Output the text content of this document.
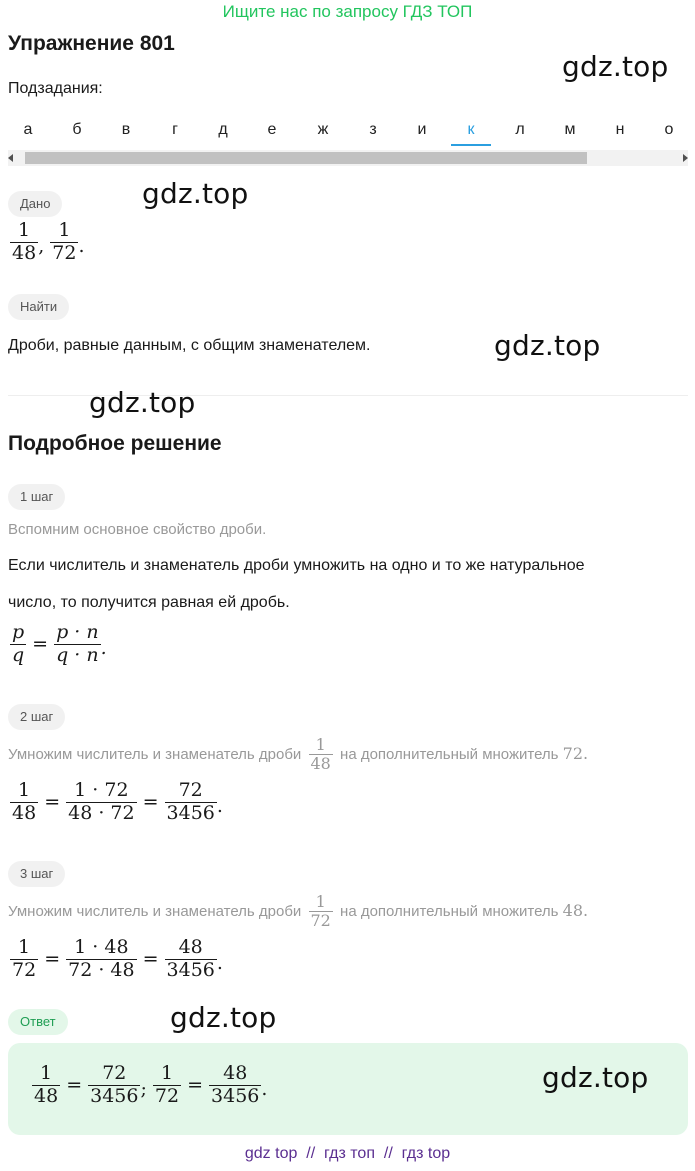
Ищите нас по запросу ГДЗ ТОП
Упражнение 801
gdz.top
Подзадания:
а	б	в	г	д	е	ж	з	и	к	л	м	н	о
Дано	gdz.top
$\frac{1}{48}$ , $\frac{1}{72}$ .
Найти
Дроби, равные данным, с общим знаменателем.	gdz.top
gdz.top
Подробное решение
1 шаг
Вспомним основное свойство дроби.
Если числитель и знаменатель дроби умножить на одно и то же натуральное
число, то получится равная ей дробь.
$\frac{p}{q} = \frac{p \cdot n}{q \cdot n}$ .
2 шаг
Умножим числитель и знаменатель дроби $\frac{1}{48}$ на дополнительный множитель 72.
$\frac{1}{48} = \frac{1 \cdot 72}{48 \cdot 72} = \frac{72}{3456}$ .
3 шаг
Умножим числитель и знаменатель дроби $\frac{1}{72}$ на дополнительный множитель 48.
$\frac{1}{72} = \frac{1 \cdot 48}{72 \cdot 48} = \frac{48}{3456}$ .
Ответ	gdz.top
$\frac{1}{48} = \frac{72}{3456}$ ; $\frac{1}{72} = \frac{48}{3456}$ .	gdz.top
gdz top  //  гдз топ  //  гдз top
